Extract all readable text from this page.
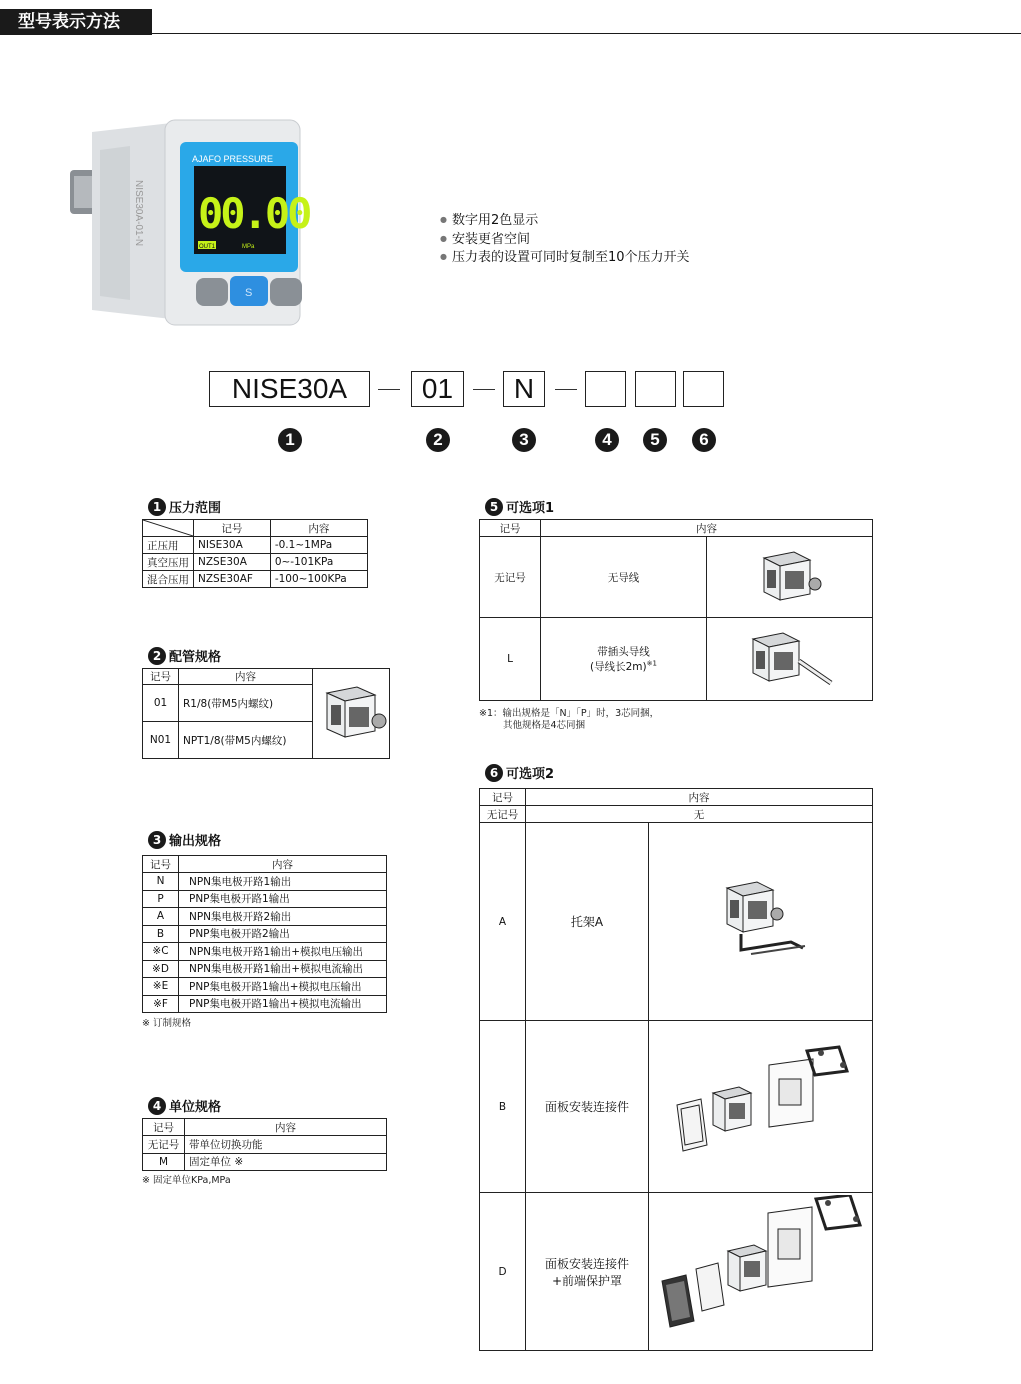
型号表示方法
AJAFO PRESSURE
00.00
OUT1	MPa
S
NISE30A-01-N	● 数字用2色显示
● 安装更省空间
● 压力表的设置可同时复制至10个压力开关
NISE30A	01	N
1	2	3	4	5	6
1 压力范围
	记号	内容
正压用	NISE30A	-0.1~1MPa
真空压用	NZSE30A	0~-101KPa
混合压用	NZSE30AF	-100~100KPa
2 配管规格
记号	内容	
01	R1/8(带M5内螺纹)	
N01	NPT1/8(带M5内螺纹)	
3 输出规格
记号	内容
N	NPN集电极开路1输出
P	PNP集电极开路1输出
A	NPN集电极开路2输出
B	PNP集电极开路2输出
※C	NPN集电极开路1输出+模拟电压输出
※D	NPN集电极开路1输出+模拟电流输出
※E	PNP集电极开路1输出+模拟电压输出
※F	PNP集电极开路1输出+模拟电流输出
※ 订制规格
4 单位规格
记号	内容
无记号	带单位切换功能
M	固定单位 ※
※ 固定单位KPa,MPa
5 可选项1
记号	内容	
无记号	无导线	
L	带插头导线
(导线长2m)$^{※1}$

※1：输出规格是「N」「P」时，3芯同捆，
其他规格是4芯同捆
6 可选项2
记号	内容	
无记号	无	
A	托架A	
B	面板安装连接件	
D	面板安装连接件
+前端保护罩
